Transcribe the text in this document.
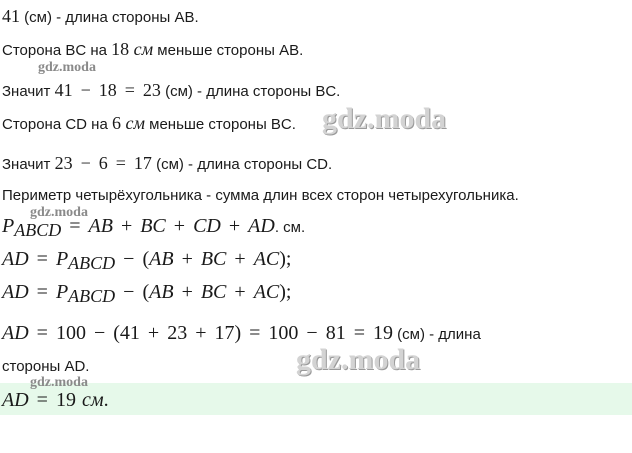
41 (см) - длина стороны AB.
Сторона BC на 18 см меньше стороны AB.
Значит 41 − 18 = 23 (см) - длина стороны BC.
Сторона CD на 6 см меньше стороны BC.
Значит 23 − 6 = 17 (см) - длина стороны CD.
Периметр четырёхугольника - сумма длин всех сторон четырехугольника.
$P_{ABCD}$ = AB + BC + CD + AD. см.
AD = $P_{ABCD} - (AB$ + BC + AC);
AD = $P_{ABCD} - (AB$ + BC + AC);
AD = 100 − (41 + 23 + 17) = 100 − 81 = 19 (см) - длина
стороны AD.
AD = 19 см.
gdz.moda
gdz.moda
gdz.moda
gdz.moda
gdz.moda
